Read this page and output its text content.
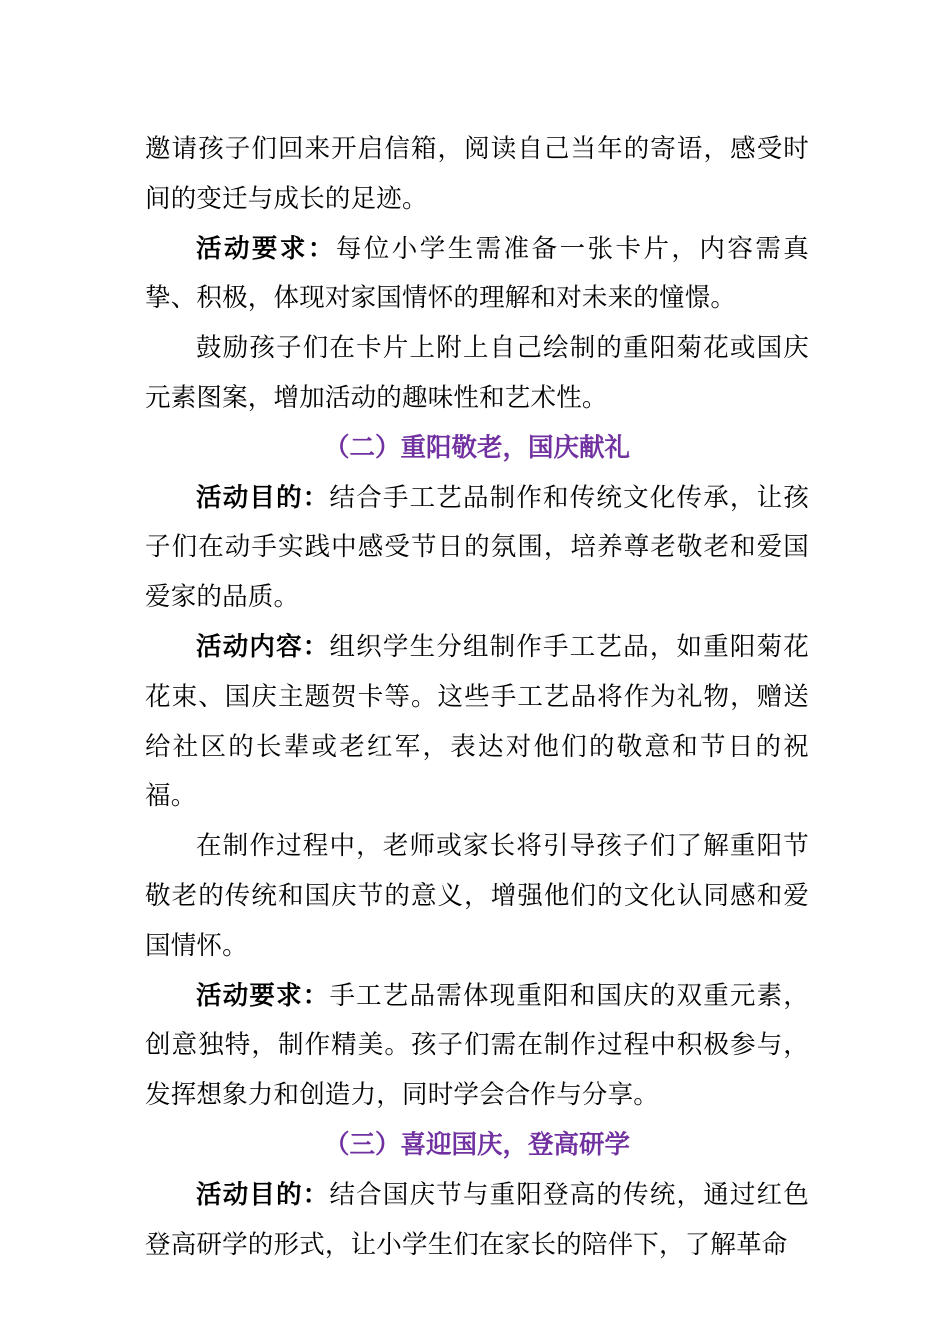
邀请孩子们回来开启信箱，阅读自己当年的寄语，感受时间的变迁与成长的足迹。

活动要求：每位小学生需准备一张卡片，内容需真挚、积极，体现对家国情怀的理解和对未来的憧憬。

鼓励孩子们在卡片上附上自己绘制的重阳菊花或国庆元素图案，增加活动的趣味性和艺术性。

（二）重阳敬老，国庆献礼

活动目的：结合手工艺品制作和传统文化传承，让孩子们在动手实践中感受节日的氛围，培养尊老敬老和爱国爱家的品质。

活动内容：组织学生分组制作手工艺品，如重阳菊花花束、国庆主题贺卡等。这些手工艺品将作为礼物，赠送给社区的长辈或老红军，表达对他们的敬意和节日的祝福。

在制作过程中，老师或家长将引导孩子们了解重阳节敬老的传统和国庆节的意义，增强他们的文化认同感和爱国情怀。

活动要求：手工艺品需体现重阳和国庆的双重元素，创意独特，制作精美。孩子们需在制作过程中积极参与，发挥想象力和创造力，同时学会合作与分享。

（三）喜迎国庆，登高研学

活动目的：结合国庆节与重阳登高的传统，通过红色登高研学的形式，让小学生们在家长的陪伴下，了解革命
